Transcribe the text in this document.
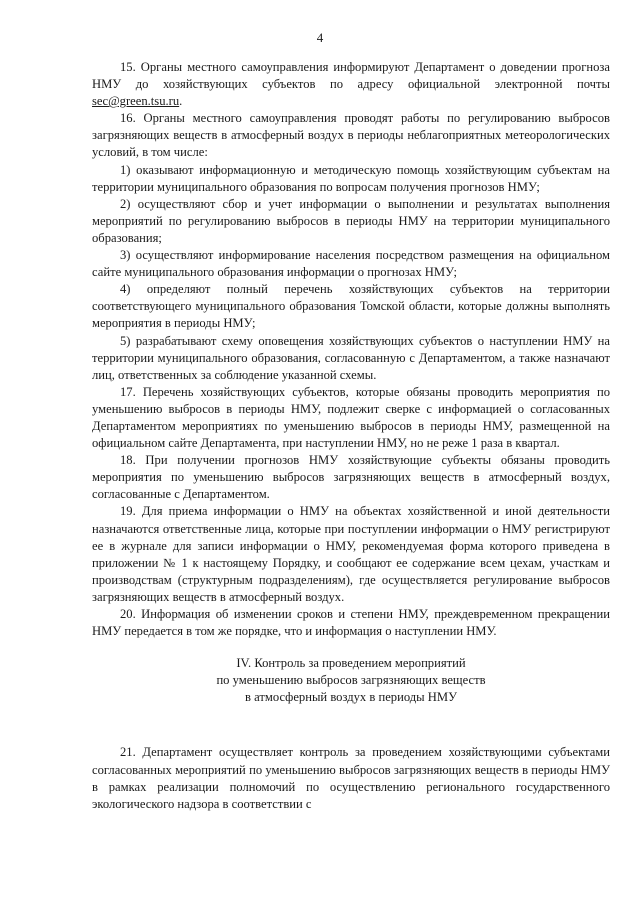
4

15. Органы местного самоуправления информируют Департамент о доведении прогноза НМУ до хозяйствующих субъектов по адресу официальной электронной почты sec@green.tsu.ru.

16. Органы местного самоуправления проводят работы по регулированию выбросов загрязняющих веществ в атмосферный воздух в периоды неблагоприятных метеорологических условий, в том числе:

1) оказывают информационную и методическую помощь хозяйствующим субъектам на территории муниципального образования по вопросам получения прогнозов НМУ;

2) осуществляют сбор и учет информации о выполнении и результатах выполнения мероприятий по регулированию выбросов в периоды НМУ на территории муниципального образования;

3) осуществляют информирование населения посредством размещения на официальном сайте муниципального образования информации о прогнозах НМУ;

4) определяют полный перечень хозяйствующих субъектов на территории соответствующего муниципального образования Томской области, которые должны выполнять мероприятия в периоды НМУ;

5) разрабатывают схему оповещения хозяйствующих субъектов о наступлении НМУ на территории муниципального образования, согласованную с Департаментом, а также назначают лиц, ответственных за соблюдение указанной схемы.

17. Перечень хозяйствующих субъектов, которые обязаны проводить мероприятия по уменьшению выбросов в периоды НМУ, подлежит сверке с информацией о согласованных Департаментом мероприятиях по уменьшению выбросов в периоды НМУ, размещенной на официальном сайте Департамента, при наступлении НМУ, но не реже 1 раза в квартал.

18. При получении прогнозов НМУ хозяйствующие субъекты обязаны проводить мероприятия по уменьшению выбросов загрязняющих веществ в атмосферный воздух, согласованные с Департаментом.

19. Для приема информации о НМУ на объектах хозяйственной и иной деятельности назначаются ответственные лица, которые при поступлении информации о НМУ регистрируют ее в журнале для записи информации о НМУ, рекомендуемая форма которого приведена в приложении № 1 к настоящему Порядку, и сообщают ее содержание всем цехам, участкам и производствам (структурным подразделениям), где осуществляется регулирование выбросов загрязняющих веществ в атмосферный воздух.

20. Информация об изменении сроков и степени НМУ, преждевременном прекращении НМУ передается в том же порядке, что и информация о наступлении НМУ.

IV. Контроль за проведением мероприятий
по уменьшению выбросов загрязняющих веществ
в атмосферный воздух в периоды НМУ

21. Департамент осуществляет контроль за проведением хозяйствующими субъектами согласованных мероприятий по уменьшению выбросов загрязняющих веществ в периоды НМУ в рамках реализации полномочий по осуществлению регионального государственного экологического надзора в соответствии с
